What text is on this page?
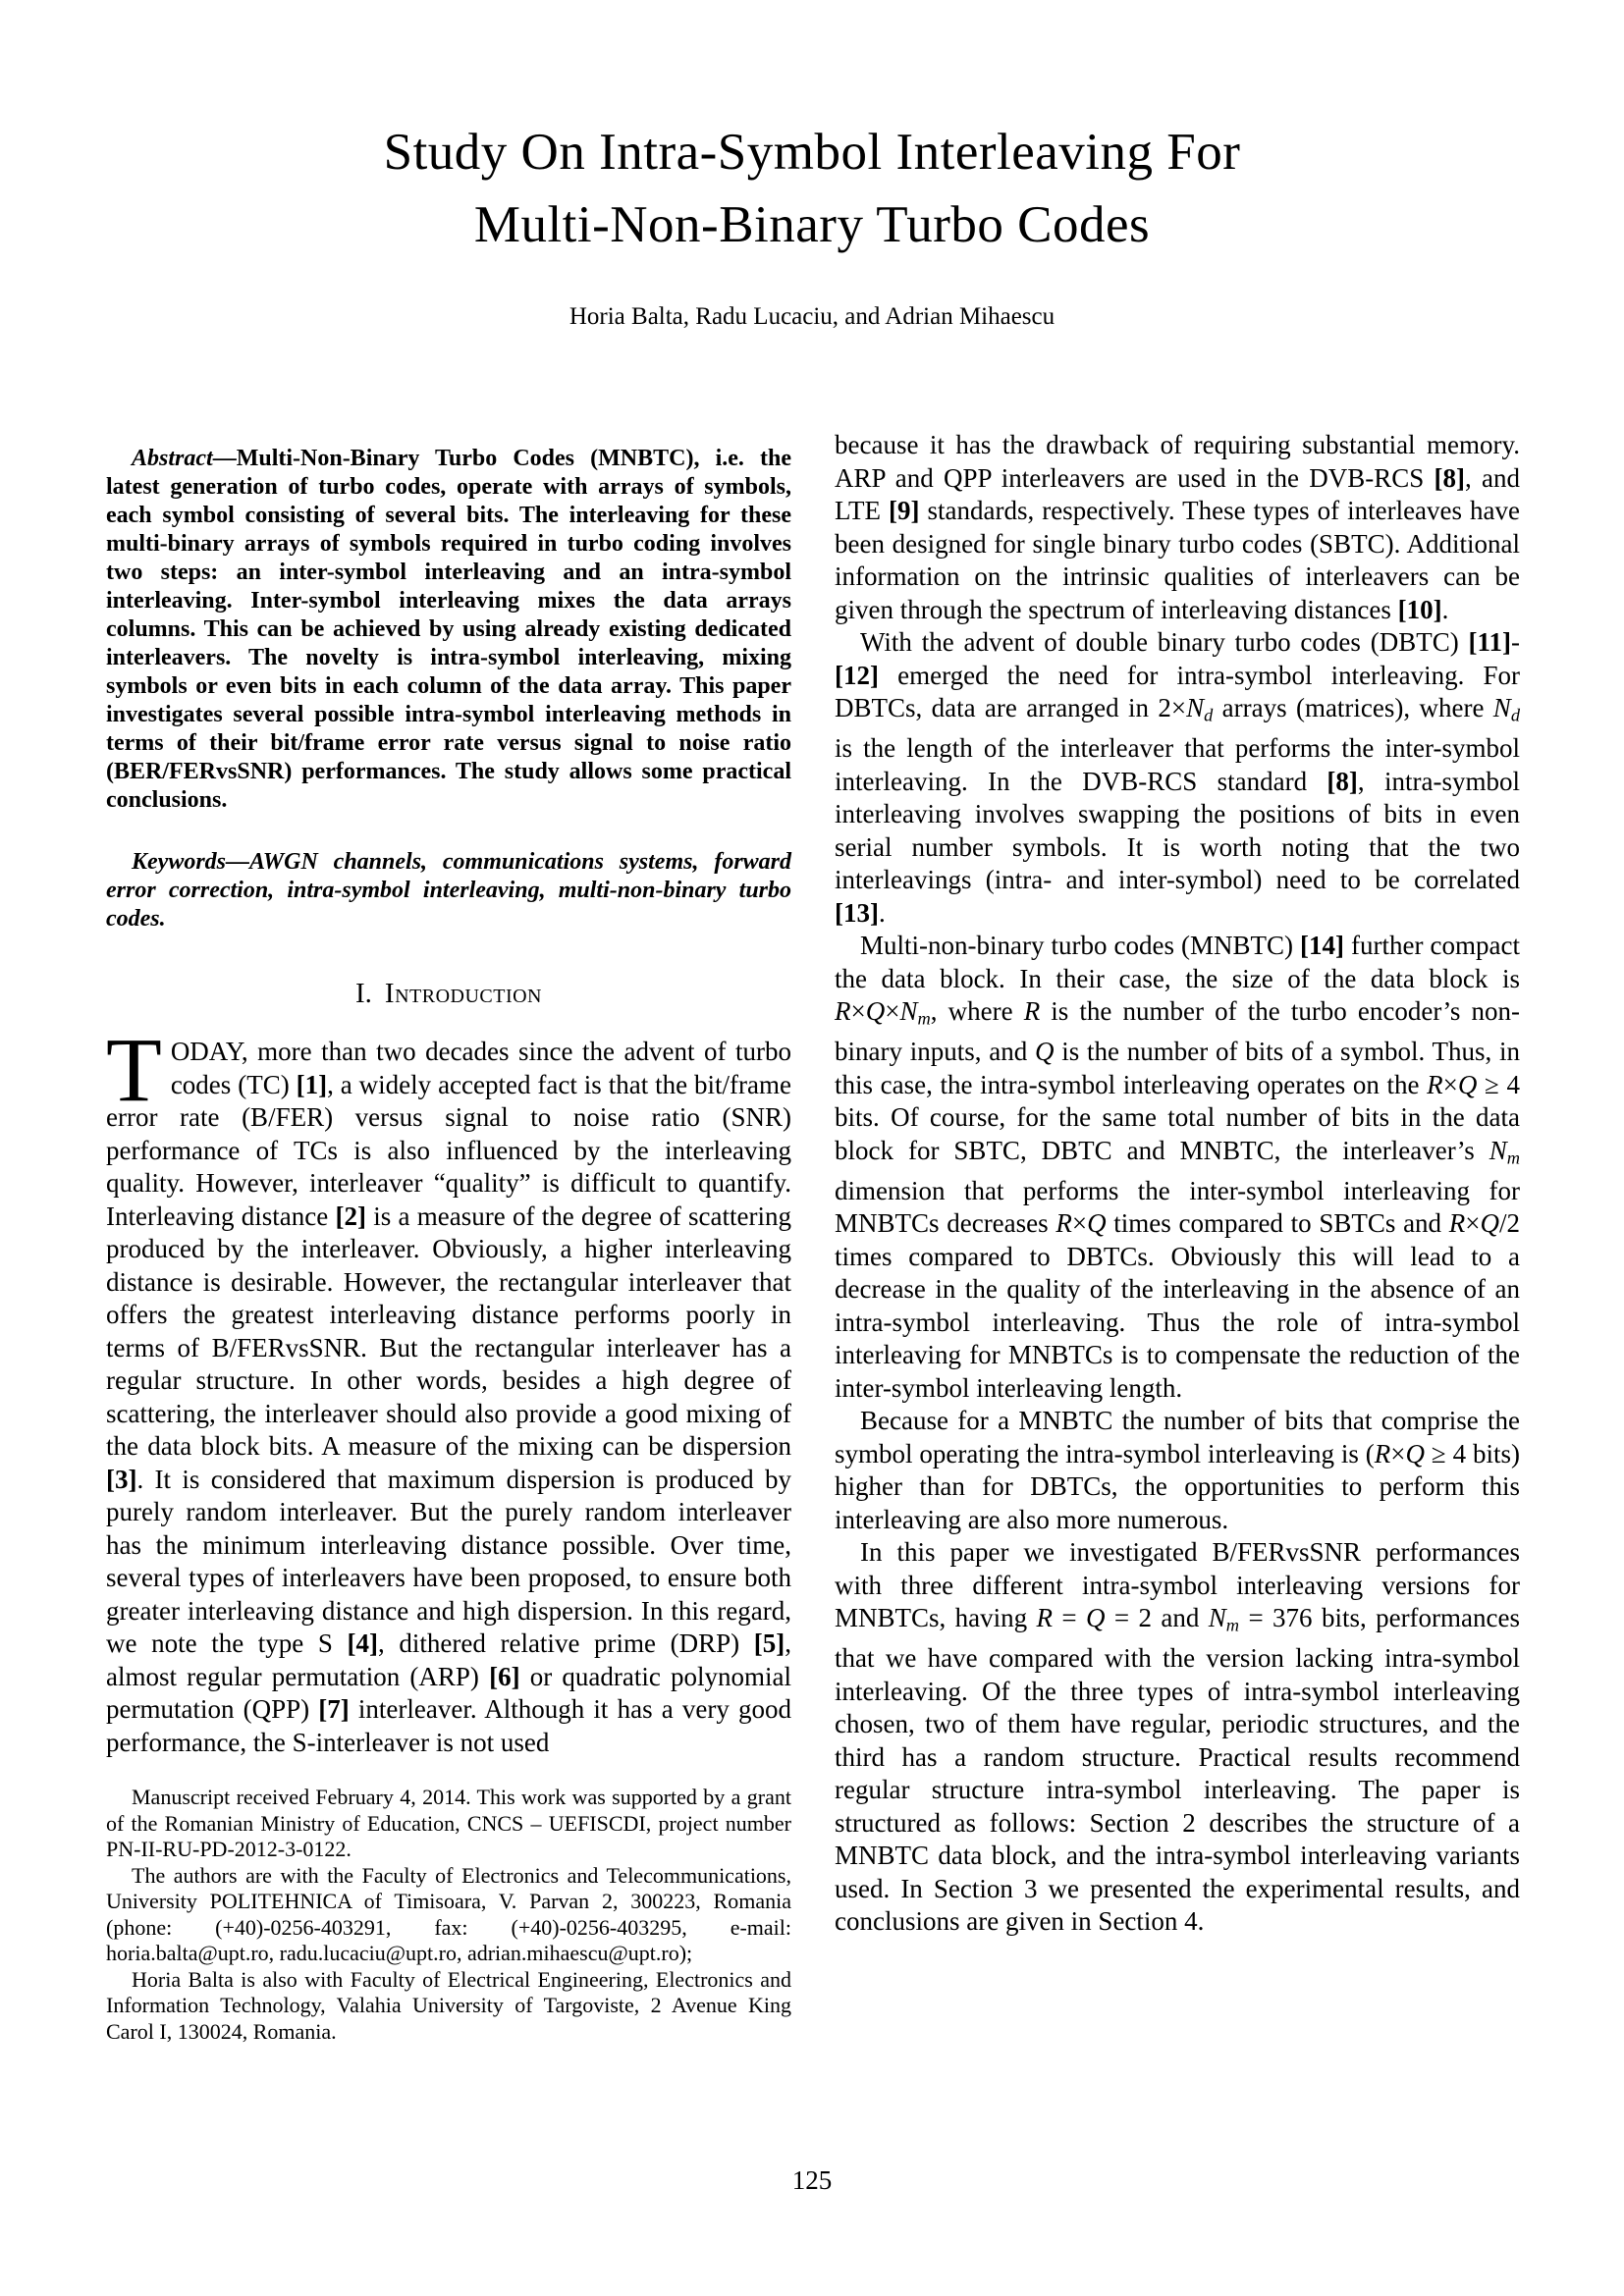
Study On Intra-Symbol Interleaving For
Multi-Non-Binary Turbo Codes
Horia Balta, Radu Lucaciu, and Adrian Mihaescu

Abstract—Multi-Non-Binary Turbo Codes (MNBTC), i.e. the latest generation of turbo codes, operate with arrays of symbols, each symbol consisting of several bits. The interleaving for these multi-binary arrays of symbols required in turbo coding involves two steps: an inter-symbol interleaving and an intra-symbol interleaving. Inter-symbol interleaving mixes the data arrays columns. This can be achieved by using already existing dedicated interleavers. The novelty is intra-symbol interleaving, mixing symbols or even bits in each column of the data array. This paper investigates several possible intra-symbol interleaving methods in terms of their bit/frame error rate versus signal to noise ratio (BER/FERvsSNR) performances. The study allows some practical conclusions.

Keywords—AWGN channels, communications systems, forward error correction, intra-symbol interleaving, multi-non-binary turbo codes.

I. Introduction

TODAY, more than two decades since the advent of turbo codes (TC) [1], a widely accepted fact is that the bit/frame error rate (B/FER) versus signal to noise ratio (SNR) performance of TCs is also influenced by the interleaving quality. However, interleaver “quality” is difficult to quantify. Interleaving distance [2] is a measure of the degree of scattering produced by the interleaver. Obviously, a higher interleaving distance is desirable. However, the rectangular interleaver that offers the greatest interleaving distance performs poorly in terms of B/FERvsSNR. But the rectangular interleaver has a regular structure. In other words, besides a high degree of scattering, the interleaver should also provide a good mixing of the data block bits. A measure of the mixing can be dispersion [3]. It is considered that maximum dispersion is produced by purely random interleaver. But the purely random interleaver has the minimum interleaving distance possible. Over time, several types of interleavers have been proposed, to ensure both greater interleaving distance and high dispersion. In this regard, we note the type S [4], dithered relative prime (DRP) [5], almost regular permutation (ARP) [6] or quadratic polynomial permutation (QPP) [7] interleaver. Although it has a very good performance, the S-interleaver is not used

Manuscript received February 4, 2014. This work was supported by a grant of the Romanian Ministry of Education, CNCS – UEFISCDI, project number PN-II-RU-PD-2012-3-0122.

The authors are with the Faculty of Electronics and Telecommunications, University POLITEHNICA of Timisoara, V. Parvan 2, 300223, Romania (phone: (+40)-0256-403291, fax: (+40)-0256-403295, e-mail: horia.balta@upt.ro, radu.lucaciu@upt.ro, adrian.mihaescu@upt.ro);

Horia Balta is also with Faculty of Electrical Engineering, Electronics and Information Technology, Valahia University of Targoviste, 2 Avenue King Carol I, 130024, Romania.

because it has the drawback of requiring substantial memory. ARP and QPP interleavers are used in the DVB-RCS [8], and LTE [9] standards, respectively. These types of interleaves have been designed for single binary turbo codes (SBTC). Additional information on the intrinsic qualities of interleavers can be given through the spectrum of interleaving distances [10].

With the advent of double binary turbo codes (DBTC) [11]-[12] emerged the need for intra-symbol interleaving. For DBTCs, data are arranged in 2×Nd arrays (matrices), where Nd is the length of the interleaver that performs the inter-symbol interleaving. In the DVB-RCS standard [8], intra-symbol interleaving involves swapping the positions of bits in even serial number symbols. It is worth noting that the two interleavings (intra- and inter-symbol) need to be correlated [13].

Multi-non-binary turbo codes (MNBTC) [14] further compact the data block. In their case, the size of the data block is R×Q×Nm, where R is the number of the turbo encoder’s non-binary inputs, and Q is the number of bits of a symbol. Thus, in this case, the intra-symbol interleaving operates on the R×Q ≥ 4 bits. Of course, for the same total number of bits in the data block for SBTC, DBTC and MNBTC, the interleaver’s Nm dimension that performs the inter-symbol interleaving for MNBTCs decreases R×Q times compared to SBTCs and R×Q/2 times compared to DBTCs. Obviously this will lead to a decrease in the quality of the interleaving in the absence of an intra-symbol interleaving. Thus the role of intra-symbol interleaving for MNBTCs is to compensate the reduction of the inter-symbol interleaving length.

Because for a MNBTC the number of bits that comprise the symbol operating the intra-symbol interleaving is (R×Q ≥ 4 bits) higher than for DBTCs, the opportunities to perform this interleaving are also more numerous.

In this paper we investigated B/FERvsSNR performances with three different intra-symbol interleaving versions for MNBTCs, having R = Q = 2 and Nm = 376 bits, performances that we have compared with the version lacking intra-symbol interleaving. Of the three types of intra-symbol interleaving chosen, two of them have regular, periodic structures, and the third has a random structure. Practical results recommend regular structure intra-symbol interleaving. The paper is structured as follows: Section 2 describes the structure of a MNBTC data block, and the intra-symbol interleaving variants used. In Section 3 we presented the experimental results, and conclusions are given in Section 4.

125
